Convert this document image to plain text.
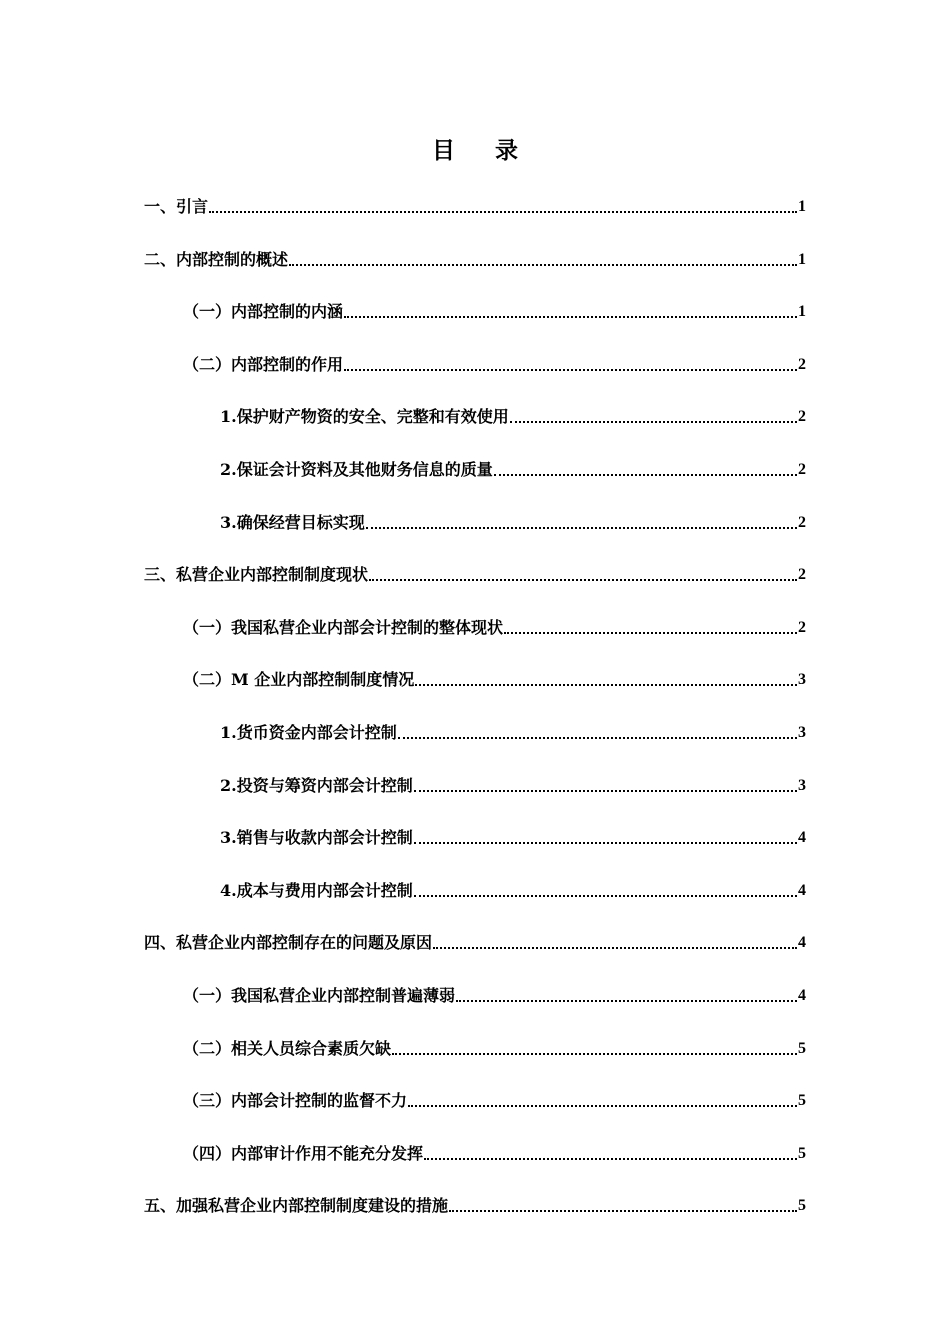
目 录
一、引言	1
二、内部控制的概述	1
（一）内部控制的内涵	1
（二）内部控制的作用	2
1.保护财产物资的安全、完整和有效使用	2
2.保证会计资料及其他财务信息的质量	2
3.确保经营目标实现	2
三、私营企业内部控制制度现状	2
（一）我国私营企业内部会计控制的整体现状	2
（二）M 企业内部控制制度情况	3
1.货币资金内部会计控制	3
2.投资与筹资内部会计控制	3
3.销售与收款内部会计控制	4
4.成本与费用内部会计控制	4
四、私营企业内部控制存在的问题及原因	4
（一）我国私营企业内部控制普遍薄弱	4
（二）相关人员综合素质欠缺	5
（三）内部会计控制的监督不力	5
（四）内部审计作用不能充分发挥	5
五、加强私营企业内部控制制度建设的措施	5
